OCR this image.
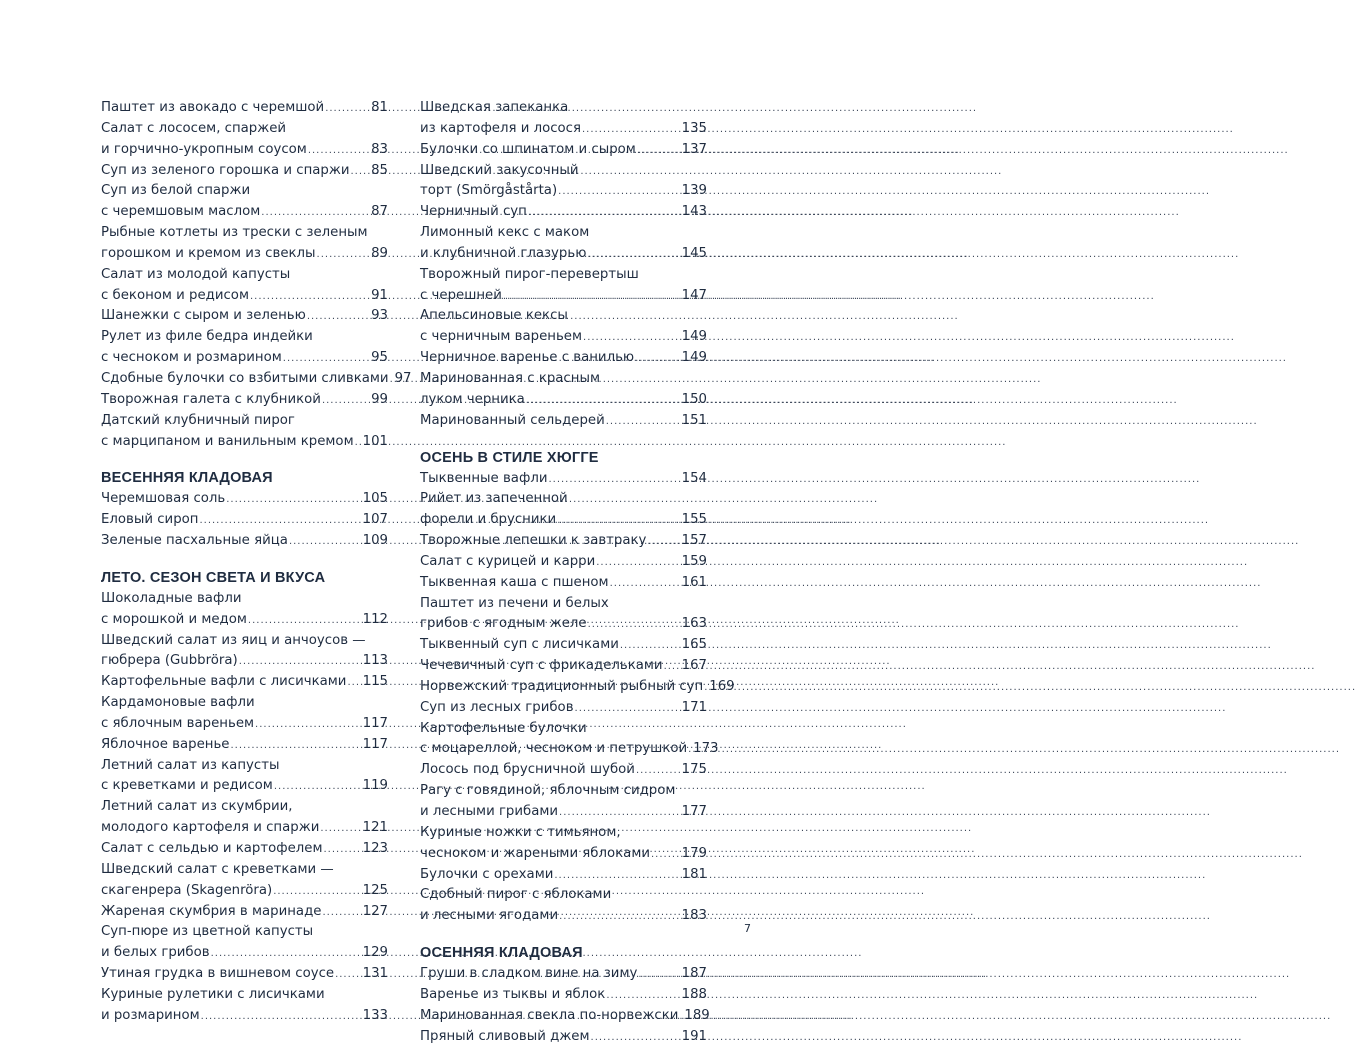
Паштет из авокадо с черемшой .....	81
Салат с лососем, спаржей
и горчично-укропным соусом .....	83
Суп из зеленого горошка и спаржи ..... 85
Суп из белой спаржи
с черемшовым маслом .....	87
Рыбные котлеты из трески с зеленым
горошком и кремом из свеклы .....	89
Салат из молодой капусты
с беконом и редисом .....	91
Шанежки с сыром и зеленью .....	93
Рулет из филе бедра индейки
с чесноком и розмарином .....	95
Сдобные булочки со взбитыми сливками ..... 97
Творожная галета с клубникой .....	99
Датский клубничный пирог
с марципаном и ванильным кремом ..... 101
ВЕСЕННЯЯ КЛАДОВАЯ
Черемшовая соль .....	105
Еловый сироп .....	107
Зеленые пасхальные яйца .....	109
ЛЕТО. СЕЗОН СВЕТА И ВКУСА
Шоколадные вафли
с морошкой и медом .....	112
Шведский салат из яиц и анчоусов —
гюбрера (Gubbröra) .....	113
Картофельные вафли с лисичками ..... 115
Кардамоновые вафли
с яблочным вареньем .....	117
Яблочное варенье .....	117
Летний салат из капусты
с креветками и редисом .....	119
Летний салат из скумбрии,
молодого картофеля и спаржи .....	121
Салат с сельдью и картофелем .....	123
Шведский салат с креветками —
скагенрера (Skagenröra) .....	125
Жареная скумбрия в маринаде .....	127
Суп-пюре из цветной капусты
и белых грибов .....	129
Утиная грудка в вишневом соусе ..... 131
Куриные рулетики с лисичками
и розмарином .....	133
Шведская запеканка
из картофеля и лосося .....	135
Булочки со шпинатом и сыром .....	137
Шведский закусочный
торт (Smörgåstårta) .....	139
Черничный суп .....	143
Лимонный кекс с маком
и клубничной глазурью .....	145
Творожный пирог-перевертыш
с черешней .....	147
Апельсиновые кексы
с черничным вареньем .....	149
Черничное варенье с ванилью .....	149
Маринованная с красным
луком черника .....	150
Маринованный сельдерей .....	151
ОСЕНЬ В СТИЛЕ ХЮГГЕ
Тыквенные вафли .....	154
Рийет из запеченной
форели и брусники .....	155
Творожные лепешки к завтраку .....	157
Салат с курицей и карри .....	159
Тыквенная каша с пшеном .....	161
Паштет из печени и белых
грибов с ягодным желе .....	163
Тыквенный суп с лисичками .....	165
Чечевичный суп с фрикадельками ..... 167
Норвежский традиционный рыбный суп ..... 169
Суп из лесных грибов .....	171
Картофельные булочки
с моцареллой, чесноком и петрушкой ..... 173
Лосось под брусничной шубой .....	175
Рагу с говядиной, яблочным сидром
и лесными грибами .....	177
Куриные ножки с тимьяном,
чесноком и жареными яблоками ..... 179
Булочки с орехами .....	181
Сдобный пирог с яблоками
и лесными ягодами .....	183
ОСЕННЯЯ КЛАДОВАЯ
Груши в сладком вине на зиму .....	187
Варенье из тыквы и яблок .....	188
Маринованная свекла по-норвежски ..... 189
Пряный сливовый джем .....	191
7
